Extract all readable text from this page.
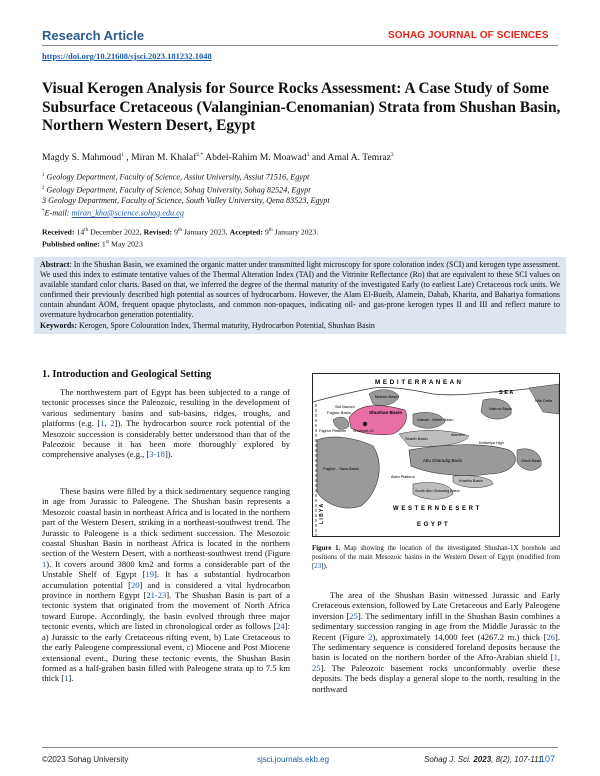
Research Article	SOHAG JOURNAL OF SCIENCES
https://doi.org/10.21608/sjsci.2023.181232.1048
Visual Kerogen Analysis for Source Rocks Assessment: A Case Study of Some Subsurface Cretaceous (Valanginian-Cenomanian) Strata from Shushan Basin, Northern Western Desert, Egypt
Magdy S. Mahmoud$^1$ , Miran M. Khalaf$^{2,*}$ Abdel-Rahim M. Moawad$^3$ and Amal A. Temraz$^3$
$^1$ Geology Department, Faculty of Science, Assiut University, Assiut 71516, Egypt
$^2$ Geology Department, Faculty of Science, Sohag University, Sohag 82524, Egypt
3 Geology Department, Faculty of Science, South Valley University, Qena 83523, Egypt
*E-mail: miran_kha@science.sohag.edu.eg
Received: 14th December 2022, Revised: 9th January 2023, Accepted: 9th January 2023.
Published online: 1st May 2023
Abstract: In the Shushan Basin, we examined the organic matter under transmitted light microscopy for spore coloration index (SCI) and kerogen type assessment. We used this index to estimate tentative values of the Thermal Alteration Index (TAI) and the Vitrinite Reflectance (Ro) that are equivalent to these SCI values on available standard color charts. Based on that, we inferred the degree of the thermal maturity of the investigated Early (to earliest Late) Cretaceous rock units. We confirmed their previously described high potential as sources of hydrocarbons. However, the Alam El-Bueib, Alamein, Dahab, Kharita, and Bahariya formations contain abundant AOM, frequent opaque phytoclasts, and common non-opaques, indicating oil- and gas-prone kerogen types II and III and reflect mature to overmature hydrocarbon generation potentiality.
Keywords: Kerogen, Spore Colouration Index, Thermal maturity, Hydrocarbon Potential, Shushan Basin
1. Introduction and Geological Setting
The northwestern part of Egypt has been subjected to a range of tectonic processes since the Paleozoic, resulting in the development of various sedimentary basins and sub-basins, ridges, troughs, and platforms (e.g. [1, 2]). The hydrocarbon source rock potential of the Mesozoic succession is considerably better understood than that of the Paleozoic because it has been more thoroughly explored by comprehensive analyses (e.g., [3-18]).
These basins were filled by a thick sedimentary sequence ranging in age from Jurassic to Paleogene. The Shushan basin represents a Mesozoic coastal basin in northeast Africa and is located in the northern part of the Western Desert, striking in a northeast-southwest trend. The Jurassic to Paleogene is a thick sediment succession. The Mesozoic coastal Shushan Basin in northeast Africa is located in the northern section of the Western Desert, with a northeast-southwest trend (Figure 1). It covers around 3800 km2 and forms a considerable part of the Unstable Shelf of Egypt [19]. It has a substantial hydrocarbon accumulation potential [20] and is considered a vital hydrocarbon province in northern Egypt [21-23]. The Shushan Basin is part of a tectonic system that originated from the movement of North Africa toward Europe. Accordingly, the basin evolved through three major tectonic events, which are listed in chronological order as follows [24]: a) Jurassic to the early Cretaceous rifting event, b) Late Cretaceous to the early Paleogene compressional event, c) Miocene and Post Miocene extensional event., During these tectonic events, the Shushan Basin formed as a half-graben basin filled with Paleogene strata up to 7.5 km thick [1].
M E D I T E R R A N E A N
S E A
Matruh Basin
Shushan Basin
Faghur Basin
Dahab - Mireir Basin
Natrun Basin
Nile Delta
Sidi Barrani
Faghur Platform Shushan-1X
Sharib Basin
Alamein
Kattaniya High
Abu Gharadig Basin	Gindi Basin
Kharita Basin
Alam Platform
Faghur - Siwa Basin
South Abu Gharadig Basin
L I B Y A	W E S T E R N D E S E R T
E G Y P T
Figure 1. Map showing the location of the investigated Shushan-1X borehole and positions of the main Mesozoic basins in the Western Desert of Egypt (modified from [23]).
The area of the Shushan Basin witnessed Jurassic and Early Cretaceous extension, followed by Late Cretaceous and Early Paleogene inversion [25]. The sedimentary infill in the Shushan Basin combines a sedimentary succession ranging in age from the Middle Jurassic to the Recent (Figure 2), approximately 14,000 feet (4267.2 m.) thick [26]. The sedimentary sequence is considered foreland deposits because the basin is located on the northern border of the Afro-Arabian shield [1, 25]. The Paleozoic basement rocks unconformably overlie these deposits. The beds display a general slope to the north, resulting in the northward
©2023 Sohag University	sjsci.journals.ekb.eg	Sohag J. Sci. 2023, 8(2), 107-111
107
